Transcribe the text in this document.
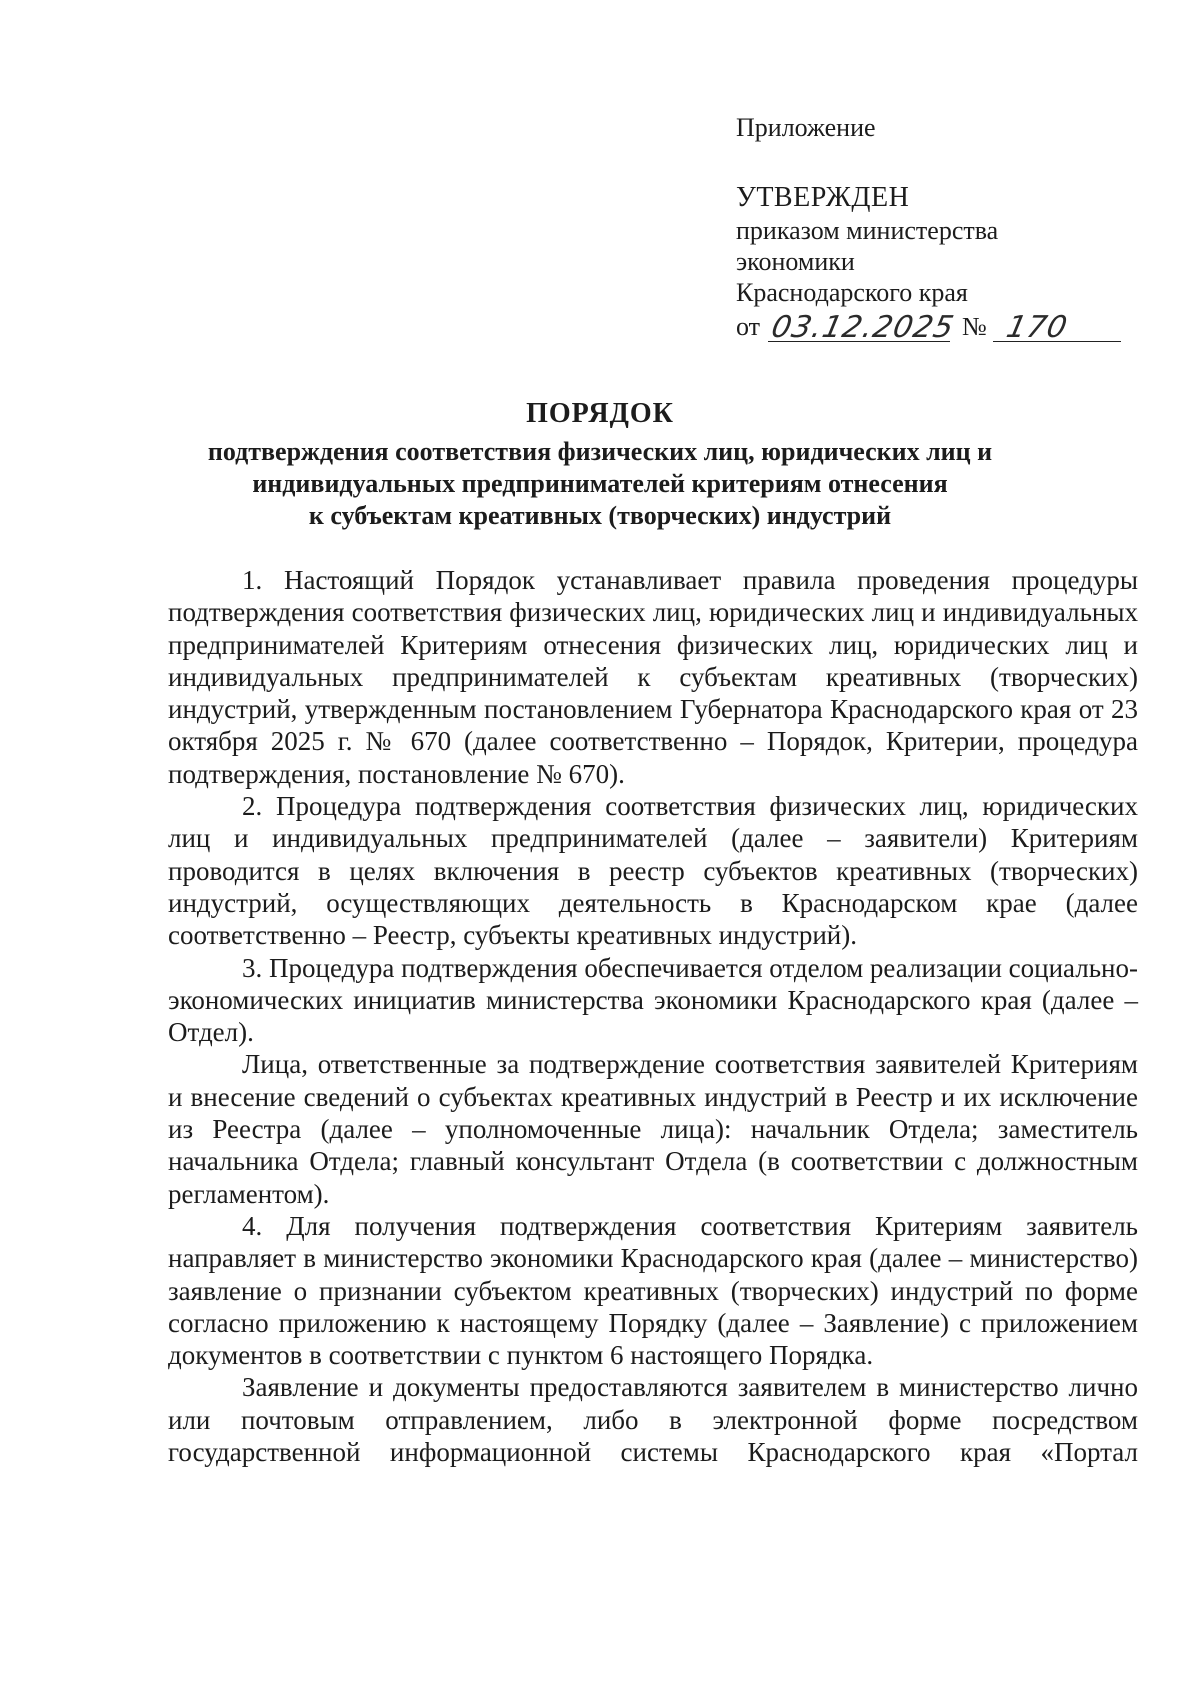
Приложение
УТВЕРЖДЕН
приказом министерства
экономики
Краснодарского края
от 03.12.2025 № 170
ПОРЯДОК
подтверждения соответствия физических лиц, юридических лиц и
индивидуальных предпринимателей критериям отнесения
к субъектам креативных (творческих) индустрий

1. Настоящий Порядок устанавливает правила проведения процедуры подтверждения соответствия физических лиц, юридических лиц и индивидуальных предпринимателей Критериям отнесения физических лиц, юридических лиц и индивидуальных предпринимателей к субъектам креативных (творческих) индустрий, утвержденным постановлением Губернатора Краснодарского края от 23 октября 2025 г. № 670 (далее соответственно – Порядок, Критерии, процедура подтверждения, постановление № 670).

2. Процедура подтверждения соответствия физических лиц, юридических лиц и индивидуальных предпринимателей (далее – заявители) Критериям проводится в целях включения в реестр субъектов креативных (творческих) индустрий, осуществляющих деятельность в Краснодарском крае (далее соответственно – Реестр, субъекты креативных индустрий).

3. Процедура подтверждения обеспечивается отделом реализации социально-экономических инициатив министерства экономики Краснодарского края (далее – Отдел).

Лица, ответственные за подтверждение соответствия заявителей Критериям и внесение сведений о субъектах креативных индустрий в Реестр и их исключение из Реестра (далее – уполномоченные лица): начальник Отдела; заместитель начальника Отдела; главный консультант Отдела (в соответствии с должностным регламентом).

4. Для получения подтверждения соответствия Критериям заявитель направляет в министерство экономики Краснодарского края (далее – министерство) заявление о признании субъектом креативных (творческих) индустрий по форме согласно приложению к настоящему Порядку (далее – Заявление) с приложением документов в соответствии с пунктом 6 настоящего Порядка.

Заявление и документы предоставляются заявителем в министерство лично или почтовым отправлением, либо в электронной форме посредством государственной информационной системы Краснодарского края «Портал
